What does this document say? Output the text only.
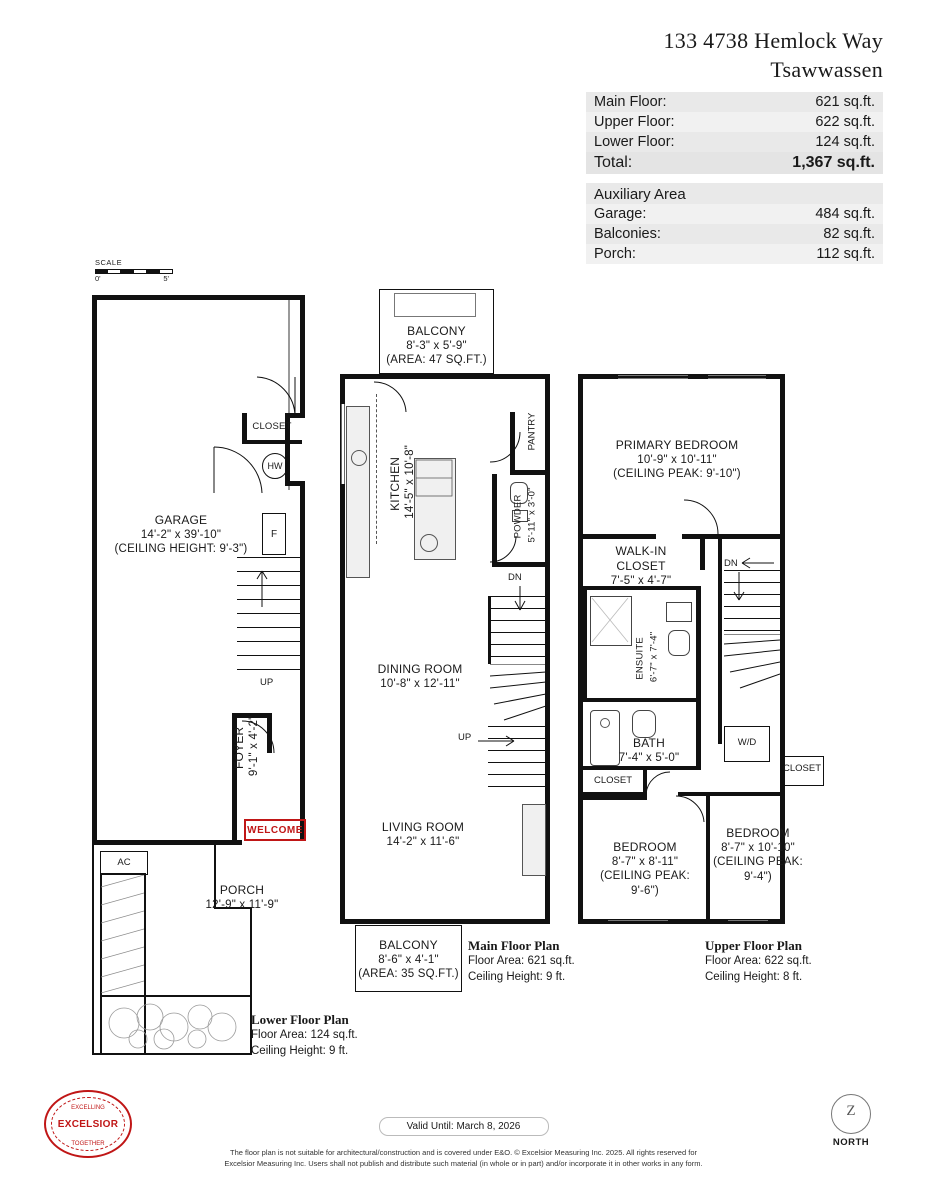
133 4738 Hemlock Way
Tsawwassen
Main Floor:	621 sq.ft.
Upper Floor:	622 sq.ft.
Lower Floor:	124 sq.ft.
Total:	1,367 sq.ft.
Auxiliary Area
Garage:	484 sq.ft.
Balconies:	82 sq.ft.
Porch:	112 sq.ft.
SCALE
0'	5'
CLOSET
HW
F
GARAGE
14'-2" x 39'-10"
(CEILING HEIGHT: 9'-3")
UP
FOYER 9'-1" x 4'-2"
WELCOME
AC
PORCH
12'-9" x 11'-9"
Lower Floor Plan
Floor Area: 124 sq.ft.
Ceiling Height: 9 ft.
BALCONY
8'-3" x 5'-9"
(AREA: 47 SQ.FT.)
KITCHEN 14'-5" x 10'-8"
PANTRY
POWDER 5'-11" x 3'-0"
DN
UP
DINING ROOM
10'-8" x 12'-11"
LIVING ROOM
14'-2" x 11'-6"
BALCONY
8'-6" x 4'-1"
(AREA: 35 SQ.FT.)
Main Floor Plan
Floor Area: 621 sq.ft.
Ceiling Height: 9 ft.
PRIMARY BEDROOM
10'-9" x 10'-11"
(CEILING PEAK: 9'-10")
WALK-IN
CLOSET
7'-5" x 4'-7"
ENSUITE 6'-7" x 7'-4"
BATH
7'-4" x 5'-0"
CLOSET
DN
W/D
CLOSET
BEDROOM
8'-7" x 8'-11"
(CEILING PEAK: 9'-6")
BEDROOM
8'-7" x 10'-10"
(CEILING PEAK: 9'-4")
Upper Floor Plan
Floor Area: 622 sq.ft.
Ceiling Height: 8 ft.
EXCELLING
EXCELSIOR
TOGETHER
Valid Until: March 8, 2026
The floor plan is not suitable for architectural/construction and is covered under E&O. © Excelsior Measuring Inc. 2025. All rights reserved for
Excelsior Measuring Inc. Users shall not publish and distribute such material (in whole or in part) and/or incorporate it in other works in any form.
Z
NORTH
